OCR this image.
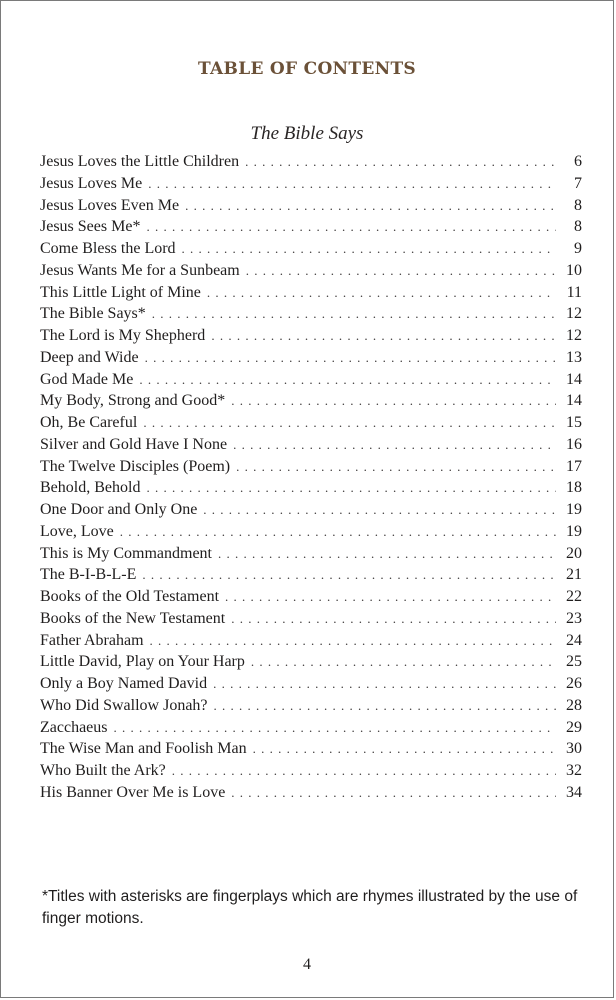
TABLE OF CONTENTS
The Bible Says
Jesus Loves the Little Children . . .	6
Jesus Loves Me . . .	7
Jesus Loves Even Me . . .	8
Jesus Sees Me* . . .	8
Come Bless the Lord . . .	9
Jesus Wants Me for a Sunbeam . . .	10
This Little Light of Mine . . .	11
The Bible Says* . . .	12
The Lord is My Shepherd . . .	12
Deep and Wide . . .	13
God Made Me . . .	14
My Body, Strong and Good* . . .	14
Oh, Be Careful . . .	15
Silver and Gold Have I None . . .	16
The Twelve Disciples (Poem) . . .	17
Behold, Behold . . .	18
One Door and Only One . . .	19
Love, Love . . .	19
This is My Commandment . . .	20
The B-I-B-L-E . . .	21
Books of the Old Testament . . .	22
Books of the New Testament . . .	23
Father Abraham . . .	24
Little David, Play on Your Harp . . .	25
Only a Boy Named David . . .	26
Who Did Swallow Jonah? . . .	28
Zacchaeus . . .	29
The Wise Man and Foolish Man . . .	30
Who Built the Ark? . . .	32
His Banner Over Me is Love . . .	34
*Titles with asterisks are fingerplays which are rhymes illustrated by the use of finger motions.
4
